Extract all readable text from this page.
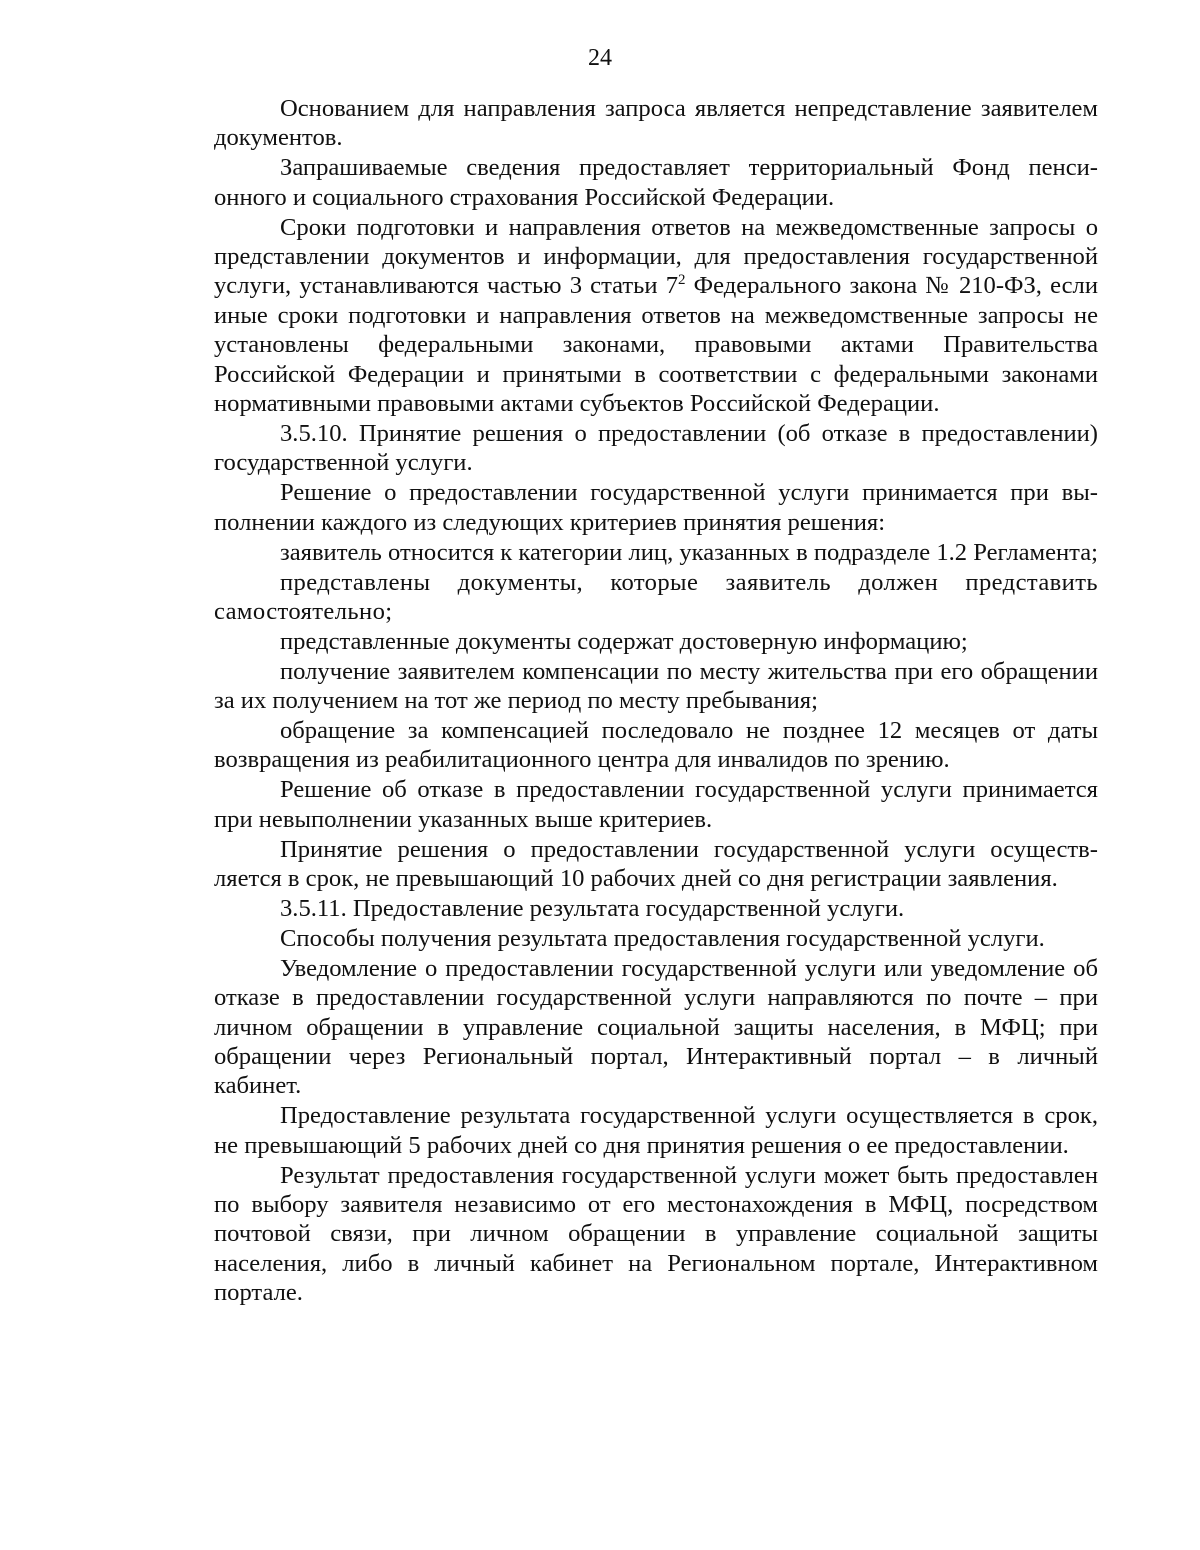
24

Основанием для направления запроса является непредставление заявителем документов.

Запрашиваемые сведения предоставляет территориальный Фонд пенсионного и социального страхования Российской Федерации.

Сроки подготовки и направления ответов на межведомственные запросы о представлении документов и информации, для предоставления государственной услуги, устанавливаются частью 3 статьи $7^2$ Федерального закона № 210-ФЗ, если иные сроки подготовки и направления ответов на межведомственные запросы не установлены федеральными законами, правовыми актами Правительства Российской Федерации и принятыми в соответствии с федеральными законами нормативными правовыми актами субъектов Российской Федерации.

3.5.10. Принятие решения о предоставлении (об отказе в предоставлении) государственной услуги.

Решение о предоставлении государственной услуги принимается при выполнении каждого из следующих критериев принятия решения:

заявитель относится к категории лиц, указанных в подразделе 1.2 Регламента;

представлены документы, которые заявитель должен представить самостоятельно;

представленные документы содержат достоверную информацию;

получение заявителем компенсации по месту жительства при его обращении за их получением на тот же период по месту пребывания;

обращение за компенсацией последовало не позднее 12 месяцев от даты возвращения из реабилитационного центра для инвалидов по зрению.

Решение об отказе в предоставлении государственной услуги принимается при невыполнении указанных выше критериев.

Принятие решения о предоставлении государственной услуги осуществляется в срок, не превышающий 10 рабочих дней со дня регистрации заявления.

3.5.11. Предоставление результата государственной услуги.

Способы получения результата предоставления государственной услуги.

Уведомление о предоставлении государственной услуги или уведомление об отказе в предоставлении государственной услуги направляются по почте – при личном обращении в управление социальной защиты населения, в МФЦ; при обращении через Региональный портал, Интерактивный портал – в личный кабинет.

Предоставление результата государственной услуги осуществляется в срок, не превышающий 5 рабочих дней со дня принятия решения о ее предоставлении.

Результат предоставления государственной услуги может быть предоставлен по выбору заявителя независимо от его местонахождения в МФЦ, посредством почтовой связи, при личном обращении в управление социальной защиты населения, либо в личный кабинет на Региональном портале, Интерактивном портале.
